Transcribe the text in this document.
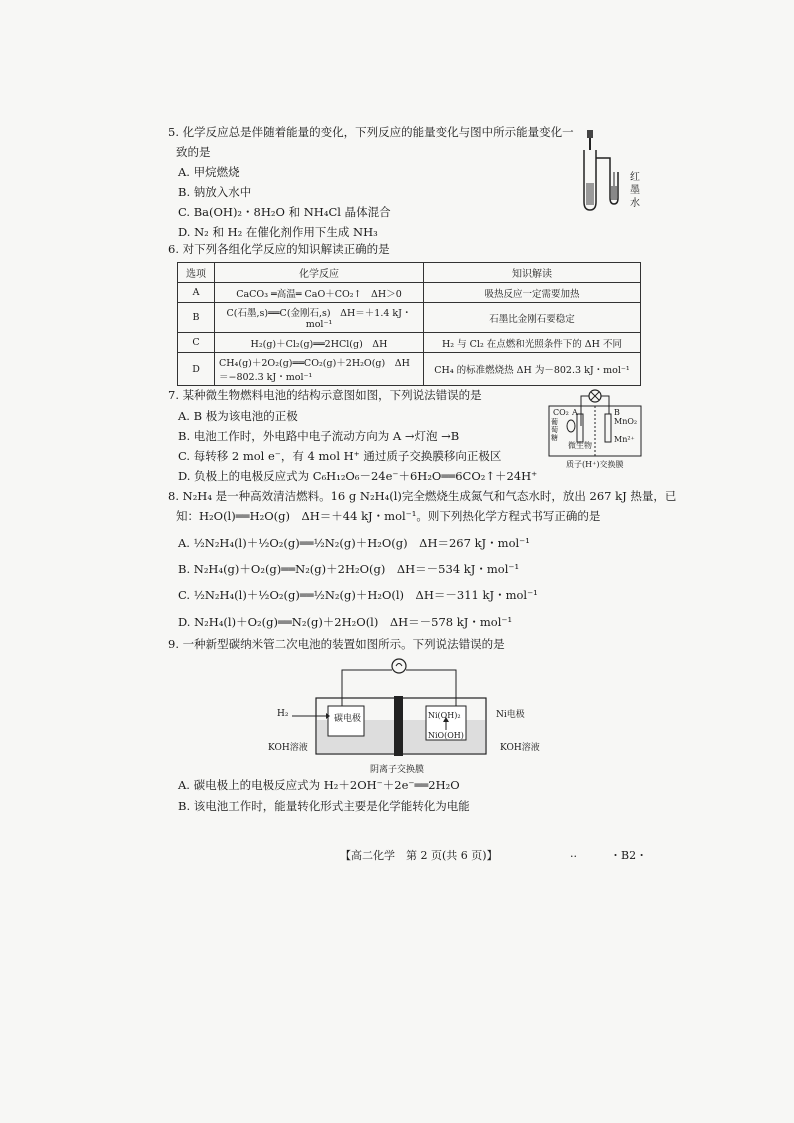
5. 化学反应总是伴随着能量的变化，下列反应的能量变化与图中所示能量变化一
致的是
A. 甲烷燃烧
B. 钠放入水中
C. Ba(OH)₂・8H₂O 和 NH₄Cl 晶体混合
D. N₂ 和 H₂ 在催化剂作用下生成 NH₃
红
墨
水
6. 对下列各组化学反应的知识解读正确的是
选项	化学反应	知识解读
A	CaCO₃ ═高温═ CaO＋CO₂↑　ΔH＞0	吸热反应一定需要加热
B	C(石墨,s)══C(金刚石,s)　ΔH＝＋1.4 kJ・mol⁻¹	石墨比金刚石要稳定
C	H₂(g)＋Cl₂(g)══2HCl(g)　ΔH	H₂ 与 Cl₂ 在点燃和光照条件下的 ΔH 不同
D	CH₄(g)＋2O₂(g)══CO₂(g)＋2H₂O(g)　ΔH＝−802.3 kJ・mol⁻¹	CH₄ 的标准燃烧热 ΔH 为－802.3 kJ・mol⁻¹
7. 某种微生物燃料电池的结构示意图如图，下列说法错误的是
A. B 极为该电池的正极
B. 电池工作时，外电路中电子流动方向为 A →灯泡 →B
C. 每转移 2 mol e⁻，有 4 mol H⁺ 通过质子交换膜移向正极区
D. 负极上的电极反应式为 C₆H₁₂O₆－24e⁻＋6H₂O══6CO₂↑＋24H⁺
CO₂ A	B
MnO₂
Mn²⁺
葡萄糖
微生物
质子(H⁺)交换膜
8. N₂H₄ 是一种高效清洁燃料。16 g N₂H₄(l)完全燃烧生成氮气和气态水时，放出 267 kJ 热量，已
知：H₂O(l)══H₂O(g)　ΔH＝＋44 kJ・mol⁻¹。则下列热化学方程式书写正确的是
A. ½N₂H₄(l)＋½O₂(g)══½N₂(g)＋H₂O(g)　ΔH＝267 kJ・mol⁻¹
B. N₂H₄(g)＋O₂(g)══N₂(g)＋2H₂O(g)　ΔH＝－534 kJ・mol⁻¹
C. ½N₂H₄(l)＋½O₂(g)══½N₂(g)＋H₂O(l)　ΔH＝－311 kJ・mol⁻¹
D. N₂H₄(l)＋O₂(g)══N₂(g)＋2H₂O(l)　ΔH＝－578 kJ・mol⁻¹
9. 一种新型碳纳米管二次电池的装置如图所示。下列说法错误的是
H₂	碳电极	Ni电极
Ni(OH)₂
NiO(OH)
KOH溶液	KOH溶液
阴离子交换膜
A. 碳电极上的电极反应式为 H₂＋2OH⁻＋2e⁻══2H₂O
B. 该电池工作时，能量转化形式主要是化学能转化为电能
【高二化学　第 2 页(共 6 页)】	..	・B2・
